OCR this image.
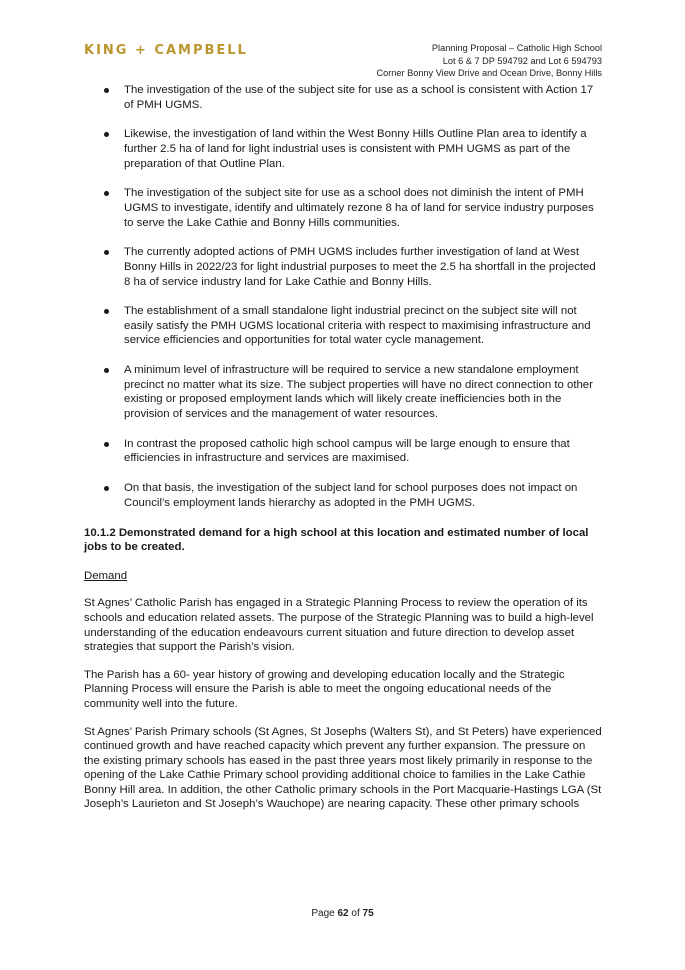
KING + CAMPBELL	Planning Proposal – Catholic High School
Lot 6 & 7 DP 594792 and Lot 6 594793
Corner Bonny View Drive and Ocean Drive, Bonny Hills
The investigation of the use of the subject site for use as a school is consistent with Action 17 of PMH UGMS.
Likewise, the investigation of land within the West Bonny Hills Outline Plan area to identify a further 2.5 ha of land for light industrial uses is consistent with PMH UGMS as part of the preparation of that Outline Plan.
The investigation of the subject site for use as a school does not diminish the intent of PMH UGMS to investigate, identify and ultimately rezone 8 ha of land for service industry purposes to serve the Lake Cathie and Bonny Hills communities.
The currently adopted actions of PMH UGMS includes further investigation of land at West Bonny Hills in 2022/23 for light industrial purposes to meet the 2.5 ha shortfall in the projected 8 ha of service industry land for Lake Cathie and Bonny Hills.
The establishment of a small standalone light industrial precinct on the subject site will not easily satisfy the PMH UGMS locational criteria with respect to maximising infrastructure and service efficiencies and opportunities for total water cycle management.
A minimum level of infrastructure will be required to service a new standalone employment precinct no matter what its size. The subject properties will have no direct connection to other existing or proposed employment lands which will likely create inefficiencies both in the provision of services and the management of water resources.
In contrast the proposed catholic high school campus will be large enough to ensure that efficiencies in infrastructure and services are maximised.
On that basis, the investigation of the subject land for school purposes does not impact on Council’s employment lands hierarchy as adopted in the PMH UGMS.
10.1.2 Demonstrated demand for a high school at this location and estimated number of local jobs to be created.
Demand

St Agnes’ Catholic Parish has engaged in a Strategic Planning Process to review the operation of its schools and education related assets. The purpose of the Strategic Planning was to build a high-level understanding of the education endeavours current situation and future direction to develop asset strategies that support the Parish’s vision.

The Parish has a 60- year history of growing and developing education locally and the Strategic Planning Process will ensure the Parish is able to meet the ongoing educational needs of the community well into the future.

St Agnes’ Parish Primary schools (St Agnes, St Josephs (Walters St), and St Peters) have experienced continued growth and have reached capacity which prevent any further expansion. The pressure on the existing primary schools has eased in the past three years most likely primarily in response to the opening of the Lake Cathie Primary school providing additional choice to families in the Lake Cathie Bonny Hill area. In addition, the other Catholic primary schools in the Port Macquarie-Hastings LGA (St Joseph’s Laurieton and St Joseph’s Wauchope) are nearing capacity. These other primary schools

Page 62 of 75
